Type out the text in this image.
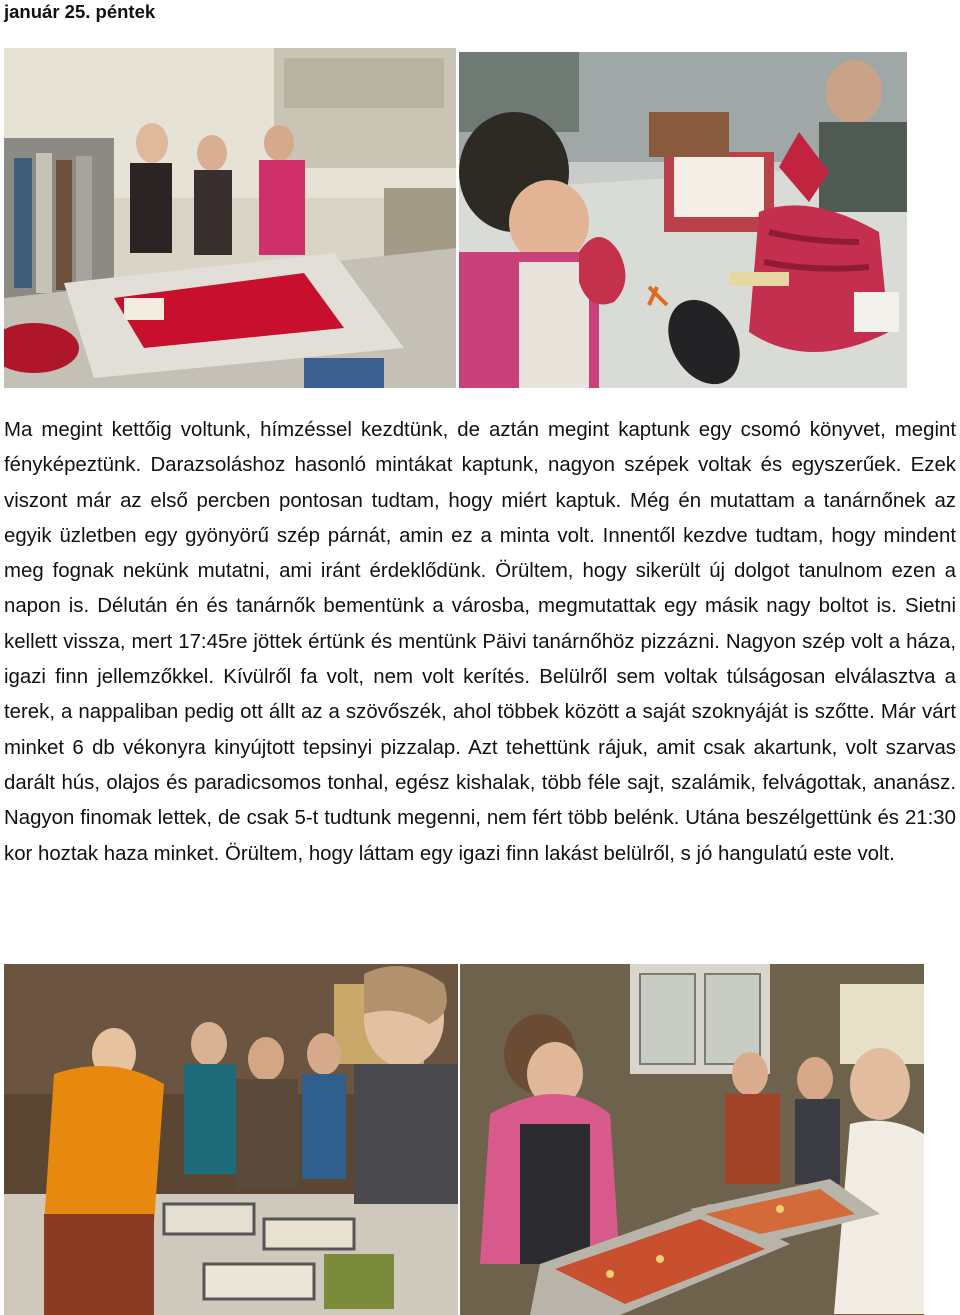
január 25. péntek

Ma megint kettőig voltunk, hímzéssel kezdtünk, de aztán megint kaptunk egy csomó könyvet, megint fényképeztünk. Darazsoláshoz hasonló mintákat kaptunk, nagyon szépek voltak és egyszerűek. Ezek viszont már az első percben pontosan tudtam, hogy miért kaptuk. Még én mutattam a tanárnőnek az egyik üzletben egy gyönyörű szép párnát, amin ez a minta volt. Innentől kezdve tudtam, hogy mindent meg fognak nekünk mutatni, ami iránt érdeklődünk. Örültem, hogy sikerült új dolgot tanulnom ezen a napon is. Délután én és tanárnők bementünk a városba, megmutattak egy másik nagy boltot is. Sietni kellett vissza, mert 17:45re jöttek értünk és mentünk Päivi tanárnőhöz pizzázni. Nagyon szép volt a háza, igazi finn jellemzőkkel. Kívülről fa volt, nem volt kerítés. Belülről sem voltak túlságosan elválasztva a terek, a nappaliban pedig ott állt az a szövőszék, ahol többek között a saját szoknyáját is szőtte. Már várt minket 6 db vékonyra kinyújtott tepsinyi pizzalap. Azt tehettünk rájuk, amit csak akartunk, volt szarvas darált hús, olajos és paradicsomos tonhal, egész kishalak, több féle sajt, szalámik, felvágottak, ananász. Nagyon finomak lettek, de csak 5-t tudtunk megenni, nem fért több belénk. Utána beszélgettünk és 21:30 kor hoztak haza minket. Örültem, hogy láttam egy igazi finn lakást belülről, s jó hangulatú este volt.
